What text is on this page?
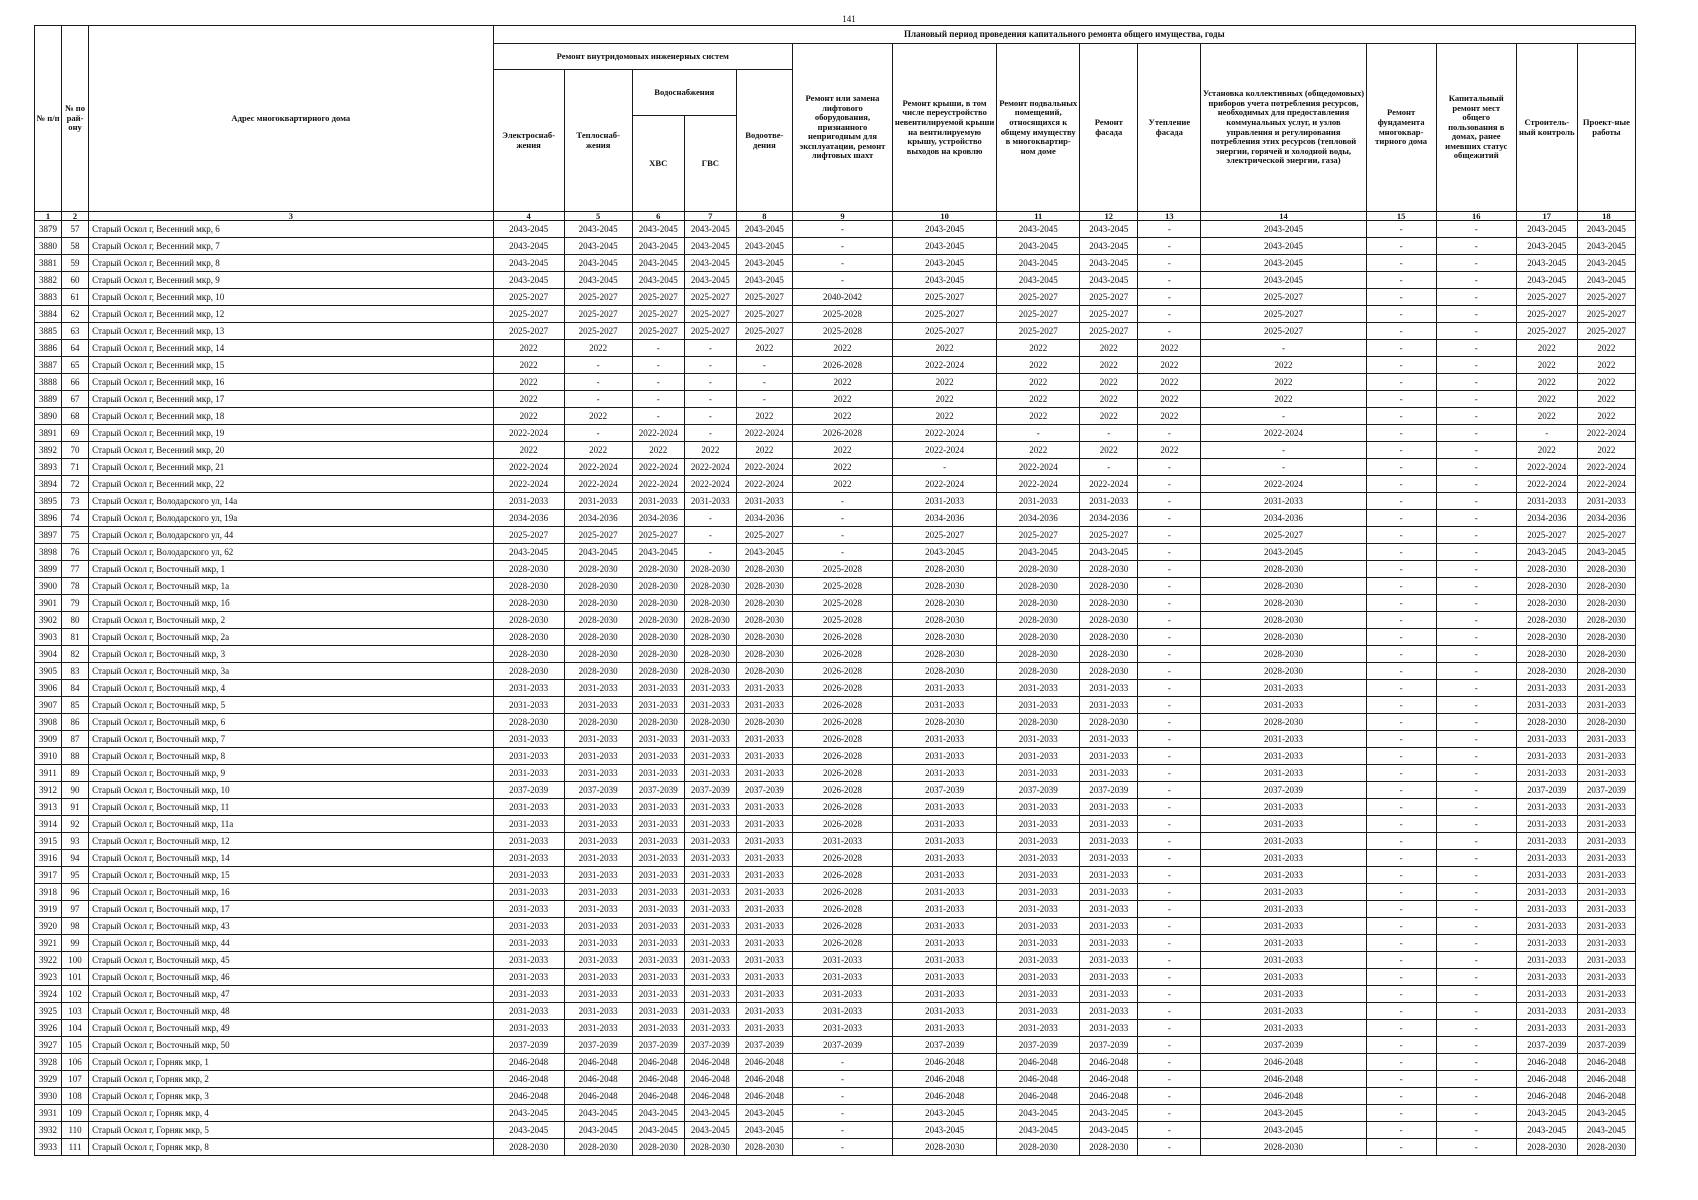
141
№ п/п	№ по рай-ону	Адрес многоквартирного дома	Плановый период проведения капитального ремонта общего имущества, годы														
			Ремонт внутридомовых инженерных систем					Ремонт или замена лифтового оборудования, признанного непригодным для эксплуатации, ремонт лифтовых шахт	Ремонт крыши, в том числе переустройство невентилируемой крыши на вентилируемую крышу, устройство выходов на кровлю	Ремонт подвальных помещений, относящихся к общему имуществу в многоквартир-ном доме	Ремонт фасада	Утепление фасада	Установка коллективных (общедомовых) приборов учета потребления ресурсов, необходимых для предоставления коммунальных услуг, и узлов управления и регулирования потребления этих ресурсов (тепловой энергии, горячей и холодной воды, электрической энергии, газа)	Ремонт фундамента многоквар-тирного дома	Капитальный ремонт мест общего пользования в домах, ранее имевших статус общежитий	Строитель-ный контроль	Проект-ные работы
			Электроснаб-жения	Теплоснаб-жения	Водоснабжения		Водоотве-дения										
					ХВС	ГВС											
1	2	3	4	5	6	7	8	9	10	11	12	13	14	15	16	17	18
3879	57	Старый Оскол г, Весенний мкр, 6	2043-2045	2043-2045	2043-2045	2043-2045	2043-2045	-	2043-2045	2043-2045	2043-2045	-	2043-2045	-	-	2043-2045	2043-2045
3880	58	Старый Оскол г, Весенний мкр, 7	2043-2045	2043-2045	2043-2045	2043-2045	2043-2045	-	2043-2045	2043-2045	2043-2045	-	2043-2045	-	-	2043-2045	2043-2045
3881	59	Старый Оскол г, Весенний мкр, 8	2043-2045	2043-2045	2043-2045	2043-2045	2043-2045	-	2043-2045	2043-2045	2043-2045	-	2043-2045	-	-	2043-2045	2043-2045
3882	60	Старый Оскол г, Весенний мкр, 9	2043-2045	2043-2045	2043-2045	2043-2045	2043-2045	-	2043-2045	2043-2045	2043-2045	-	2043-2045	-	-	2043-2045	2043-2045
3883	61	Старый Оскол г, Весенний мкр, 10	2025-2027	2025-2027	2025-2027	2025-2027	2025-2027	2040-2042	2025-2027	2025-2027	2025-2027	-	2025-2027	-	-	2025-2027	2025-2027
3884	62	Старый Оскол г, Весенний мкр, 12	2025-2027	2025-2027	2025-2027	2025-2027	2025-2027	2025-2028	2025-2027	2025-2027	2025-2027	-	2025-2027	-	-	2025-2027	2025-2027
3885	63	Старый Оскол г, Весенний мкр, 13	2025-2027	2025-2027	2025-2027	2025-2027	2025-2027	2025-2028	2025-2027	2025-2027	2025-2027	-	2025-2027	-	-	2025-2027	2025-2027
3886	64	Старый Оскол г, Весенний мкр, 14	2022	2022	-	-	2022	2022	2022	2022	2022	2022	-	-	-	2022	2022
3887	65	Старый Оскол г, Весенний мкр, 15	2022	-	-	-	-	2026-2028	2022-2024	2022	2022	2022	2022	-	-	2022	2022
3888	66	Старый Оскол г, Весенний мкр, 16	2022	-	-	-	-	2022	2022	2022	2022	2022	2022	-	-	2022	2022
3889	67	Старый Оскол г, Весенний мкр, 17	2022	-	-	-	-	2022	2022	2022	2022	2022	2022	-	-	2022	2022
3890	68	Старый Оскол г, Весенний мкр, 18	2022	2022	-	-	2022	2022	2022	2022	2022	2022	-	-	-	2022	2022
3891	69	Старый Оскол г, Весенний мкр, 19	2022-2024	-	2022-2024	-	2022-2024	2026-2028	2022-2024	-	-	-	2022-2024	-	-	-	2022-2024
3892	70	Старый Оскол г, Весенний мкр, 20	2022	2022	2022	2022	2022	2022	2022-2024	2022	2022	2022	-	-	-	2022	2022
3893	71	Старый Оскол г, Весенний мкр, 21	2022-2024	2022-2024	2022-2024	2022-2024	2022-2024	2022	-	2022-2024	-	-	-	-	-	2022-2024	2022-2024
3894	72	Старый Оскол г, Весенний мкр, 22	2022-2024	2022-2024	2022-2024	2022-2024	2022-2024	2022	2022-2024	2022-2024	2022-2024	-	2022-2024	-	-	2022-2024	2022-2024
3895	73	Старый Оскол г, Володарского ул, 14а	2031-2033	2031-2033	2031-2033	2031-2033	2031-2033	-	2031-2033	2031-2033	2031-2033	-	2031-2033	-	-	2031-2033	2031-2033
3896	74	Старый Оскол г, Володарского ул, 19а	2034-2036	2034-2036	2034-2036	-	2034-2036	-	2034-2036	2034-2036	2034-2036	-	2034-2036	-	-	2034-2036	2034-2036
3897	75	Старый Оскол г, Володарского ул, 44	2025-2027	2025-2027	2025-2027	-	2025-2027	-	2025-2027	2025-2027	2025-2027	-	2025-2027	-	-	2025-2027	2025-2027
3898	76	Старый Оскол г, Володарского ул, 62	2043-2045	2043-2045	2043-2045	-	2043-2045	-	2043-2045	2043-2045	2043-2045	-	2043-2045	-	-	2043-2045	2043-2045
3899	77	Старый Оскол г, Восточный мкр, 1	2028-2030	2028-2030	2028-2030	2028-2030	2028-2030	2025-2028	2028-2030	2028-2030	2028-2030	-	2028-2030	-	-	2028-2030	2028-2030
3900	78	Старый Оскол г, Восточный мкр, 1а	2028-2030	2028-2030	2028-2030	2028-2030	2028-2030	2025-2028	2028-2030	2028-2030	2028-2030	-	2028-2030	-	-	2028-2030	2028-2030
3901	79	Старый Оскол г, Восточный мкр, 1б	2028-2030	2028-2030	2028-2030	2028-2030	2028-2030	2025-2028	2028-2030	2028-2030	2028-2030	-	2028-2030	-	-	2028-2030	2028-2030
3902	80	Старый Оскол г, Восточный мкр, 2	2028-2030	2028-2030	2028-2030	2028-2030	2028-2030	2025-2028	2028-2030	2028-2030	2028-2030	-	2028-2030	-	-	2028-2030	2028-2030
3903	81	Старый Оскол г, Восточный мкр, 2а	2028-2030	2028-2030	2028-2030	2028-2030	2028-2030	2026-2028	2028-2030	2028-2030	2028-2030	-	2028-2030	-	-	2028-2030	2028-2030
3904	82	Старый Оскол г, Восточный мкр, 3	2028-2030	2028-2030	2028-2030	2028-2030	2028-2030	2026-2028	2028-2030	2028-2030	2028-2030	-	2028-2030	-	-	2028-2030	2028-2030
3905	83	Старый Оскол г, Восточный мкр, 3а	2028-2030	2028-2030	2028-2030	2028-2030	2028-2030	2026-2028	2028-2030	2028-2030	2028-2030	-	2028-2030	-	-	2028-2030	2028-2030
3906	84	Старый Оскол г, Восточный мкр, 4	2031-2033	2031-2033	2031-2033	2031-2033	2031-2033	2026-2028	2031-2033	2031-2033	2031-2033	-	2031-2033	-	-	2031-2033	2031-2033
3907	85	Старый Оскол г, Восточный мкр, 5	2031-2033	2031-2033	2031-2033	2031-2033	2031-2033	2026-2028	2031-2033	2031-2033	2031-2033	-	2031-2033	-	-	2031-2033	2031-2033
3908	86	Старый Оскол г, Восточный мкр, 6	2028-2030	2028-2030	2028-2030	2028-2030	2028-2030	2026-2028	2028-2030	2028-2030	2028-2030	-	2028-2030	-	-	2028-2030	2028-2030
3909	87	Старый Оскол г, Восточный мкр, 7	2031-2033	2031-2033	2031-2033	2031-2033	2031-2033	2026-2028	2031-2033	2031-2033	2031-2033	-	2031-2033	-	-	2031-2033	2031-2033
3910	88	Старый Оскол г, Восточный мкр, 8	2031-2033	2031-2033	2031-2033	2031-2033	2031-2033	2026-2028	2031-2033	2031-2033	2031-2033	-	2031-2033	-	-	2031-2033	2031-2033
3911	89	Старый Оскол г, Восточный мкр, 9	2031-2033	2031-2033	2031-2033	2031-2033	2031-2033	2026-2028	2031-2033	2031-2033	2031-2033	-	2031-2033	-	-	2031-2033	2031-2033
3912	90	Старый Оскол г, Восточный мкр, 10	2037-2039	2037-2039	2037-2039	2037-2039	2037-2039	2026-2028	2037-2039	2037-2039	2037-2039	-	2037-2039	-	-	2037-2039	2037-2039
3913	91	Старый Оскол г, Восточный мкр, 11	2031-2033	2031-2033	2031-2033	2031-2033	2031-2033	2026-2028	2031-2033	2031-2033	2031-2033	-	2031-2033	-	-	2031-2033	2031-2033
3914	92	Старый Оскол г, Восточный мкр, 11а	2031-2033	2031-2033	2031-2033	2031-2033	2031-2033	2026-2028	2031-2033	2031-2033	2031-2033	-	2031-2033	-	-	2031-2033	2031-2033
3915	93	Старый Оскол г, Восточный мкр, 12	2031-2033	2031-2033	2031-2033	2031-2033	2031-2033	2031-2033	2031-2033	2031-2033	2031-2033	-	2031-2033	-	-	2031-2033	2031-2033
3916	94	Старый Оскол г, Восточный мкр, 14	2031-2033	2031-2033	2031-2033	2031-2033	2031-2033	2026-2028	2031-2033	2031-2033	2031-2033	-	2031-2033	-	-	2031-2033	2031-2033
3917	95	Старый Оскол г, Восточный мкр, 15	2031-2033	2031-2033	2031-2033	2031-2033	2031-2033	2026-2028	2031-2033	2031-2033	2031-2033	-	2031-2033	-	-	2031-2033	2031-2033
3918	96	Старый Оскол г, Восточный мкр, 16	2031-2033	2031-2033	2031-2033	2031-2033	2031-2033	2026-2028	2031-2033	2031-2033	2031-2033	-	2031-2033	-	-	2031-2033	2031-2033
3919	97	Старый Оскол г, Восточный мкр, 17	2031-2033	2031-2033	2031-2033	2031-2033	2031-2033	2026-2028	2031-2033	2031-2033	2031-2033	-	2031-2033	-	-	2031-2033	2031-2033
3920	98	Старый Оскол г, Восточный мкр, 43	2031-2033	2031-2033	2031-2033	2031-2033	2031-2033	2026-2028	2031-2033	2031-2033	2031-2033	-	2031-2033	-	-	2031-2033	2031-2033
3921	99	Старый Оскол г, Восточный мкр, 44	2031-2033	2031-2033	2031-2033	2031-2033	2031-2033	2026-2028	2031-2033	2031-2033	2031-2033	-	2031-2033	-	-	2031-2033	2031-2033
3922	100	Старый Оскол г, Восточный мкр, 45	2031-2033	2031-2033	2031-2033	2031-2033	2031-2033	2031-2033	2031-2033	2031-2033	2031-2033	-	2031-2033	-	-	2031-2033	2031-2033
3923	101	Старый Оскол г, Восточный мкр, 46	2031-2033	2031-2033	2031-2033	2031-2033	2031-2033	2031-2033	2031-2033	2031-2033	2031-2033	-	2031-2033	-	-	2031-2033	2031-2033
3924	102	Старый Оскол г, Восточный мкр, 47	2031-2033	2031-2033	2031-2033	2031-2033	2031-2033	2031-2033	2031-2033	2031-2033	2031-2033	-	2031-2033	-	-	2031-2033	2031-2033
3925	103	Старый Оскол г, Восточный мкр, 48	2031-2033	2031-2033	2031-2033	2031-2033	2031-2033	2031-2033	2031-2033	2031-2033	2031-2033	-	2031-2033	-	-	2031-2033	2031-2033
3926	104	Старый Оскол г, Восточный мкр, 49	2031-2033	2031-2033	2031-2033	2031-2033	2031-2033	2031-2033	2031-2033	2031-2033	2031-2033	-	2031-2033	-	-	2031-2033	2031-2033
3927	105	Старый Оскол г, Восточный мкр, 50	2037-2039	2037-2039	2037-2039	2037-2039	2037-2039	2037-2039	2037-2039	2037-2039	2037-2039	-	2037-2039	-	-	2037-2039	2037-2039
3928	106	Старый Оскол г, Горняк мкр, 1	2046-2048	2046-2048	2046-2048	2046-2048	2046-2048	-	2046-2048	2046-2048	2046-2048	-	2046-2048	-	-	2046-2048	2046-2048
3929	107	Старый Оскол г, Горняк мкр, 2	2046-2048	2046-2048	2046-2048	2046-2048	2046-2048	-	2046-2048	2046-2048	2046-2048	-	2046-2048	-	-	2046-2048	2046-2048
3930	108	Старый Оскол г, Горняк мкр, 3	2046-2048	2046-2048	2046-2048	2046-2048	2046-2048	-	2046-2048	2046-2048	2046-2048	-	2046-2048	-	-	2046-2048	2046-2048
3931	109	Старый Оскол г, Горняк мкр, 4	2043-2045	2043-2045	2043-2045	2043-2045	2043-2045	-	2043-2045	2043-2045	2043-2045	-	2043-2045	-	-	2043-2045	2043-2045
3932	110	Старый Оскол г, Горняк мкр, 5	2043-2045	2043-2045	2043-2045	2043-2045	2043-2045	-	2043-2045	2043-2045	2043-2045	-	2043-2045	-	-	2043-2045	2043-2045
3933	111	Старый Оскол г, Горняк мкр, 8	2028-2030	2028-2030	2028-2030	2028-2030	2028-2030	-	2028-2030	2028-2030	2028-2030	-	2028-2030	-	-	2028-2030	2028-2030
